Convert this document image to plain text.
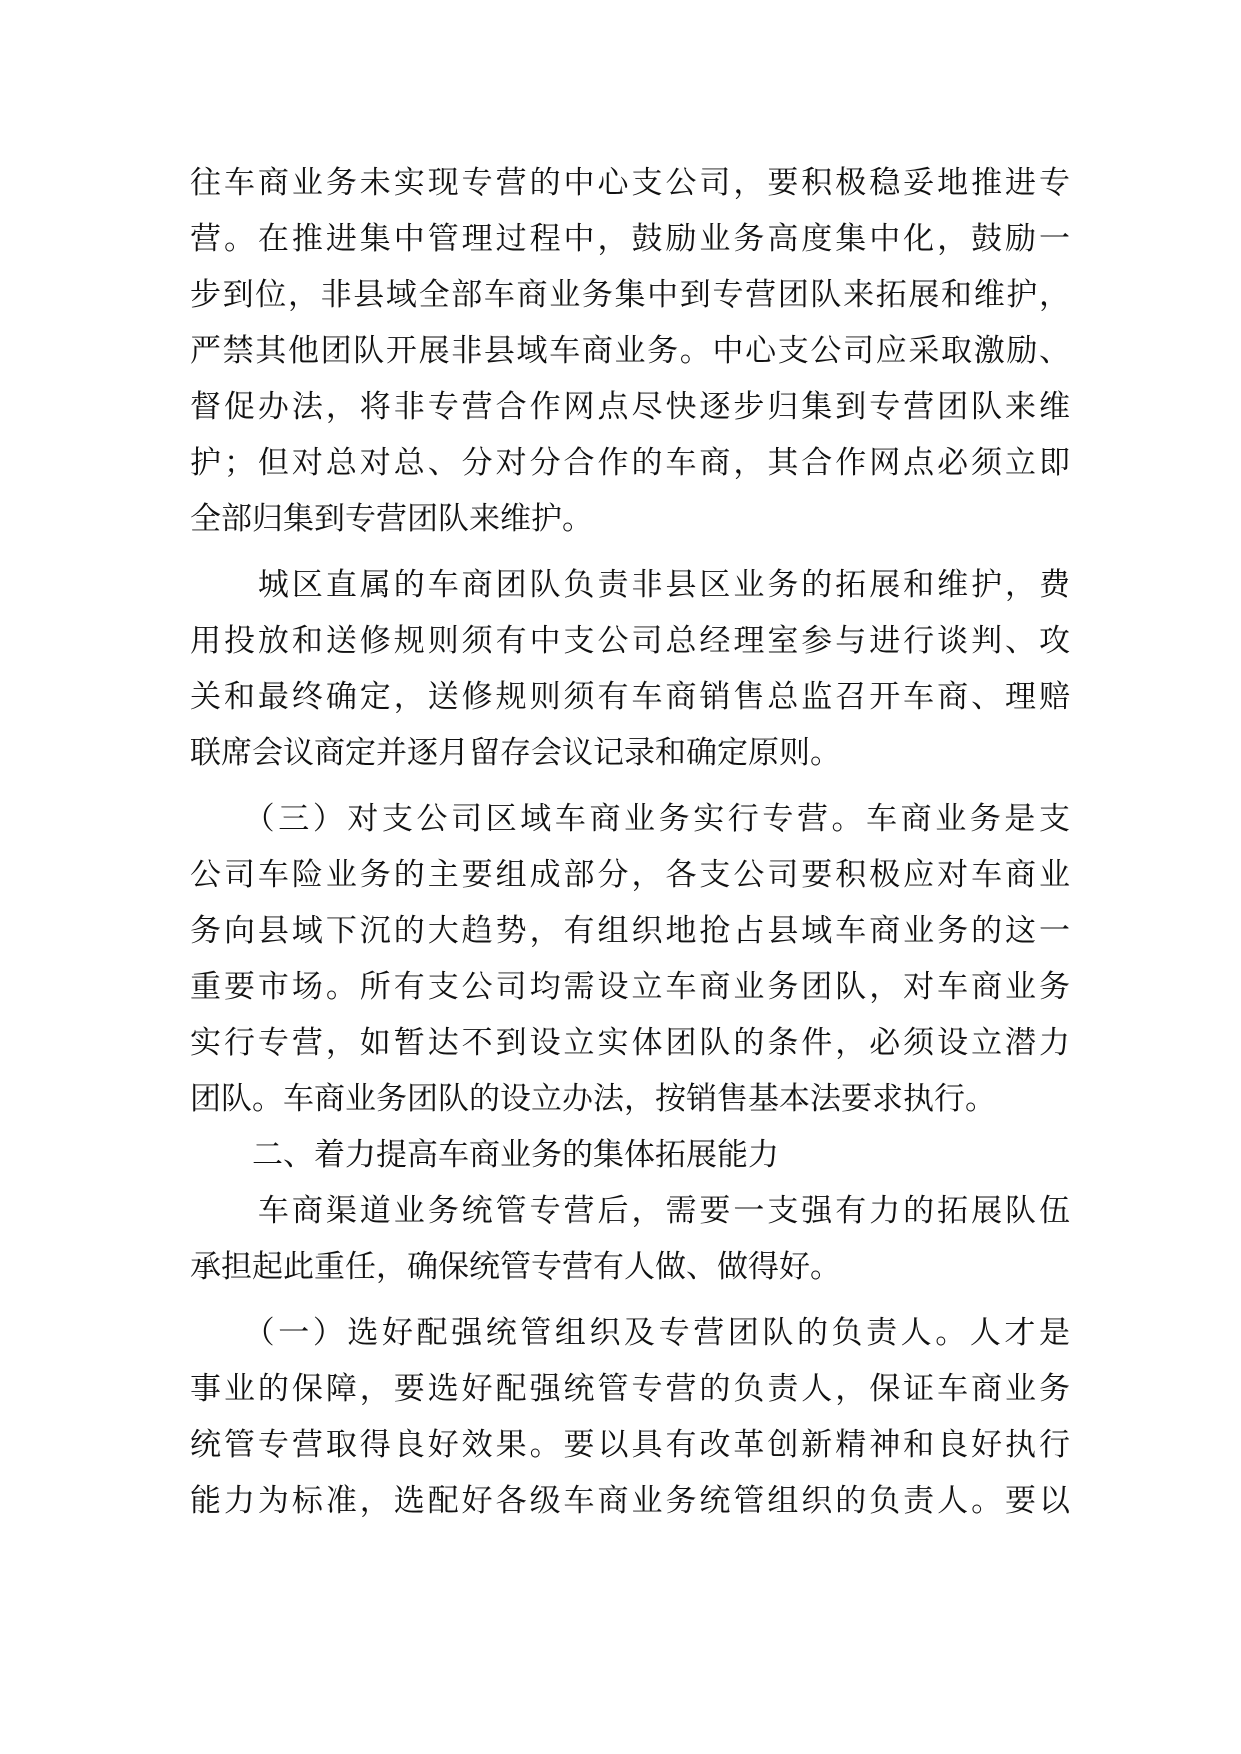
往车商业务未实现专营的中心支公司，要积极稳妥地推进专
营。在推进集中管理过程中，鼓励业务高度集中化，鼓励一
步到位，非县域全部车商业务集中到专营团队来拓展和维护，
严禁其他团队开展非县域车商业务。中心支公司应采取激励、
督促办法，将非专营合作网点尽快逐步归集到专营团队来维
护；但对总对总、分对分合作的车商，其合作网点必须立即
全部归集到专营团队来维护。
　　城区直属的车商团队负责非县区业务的拓展和维护，费
用投放和送修规则须有中支公司总经理室参与进行谈判、攻
关和最终确定，送修规则须有车商销售总监召开车商、理赔
联席会议商定并逐月留存会议记录和确定原则。
　　（三）对支公司区域车商业务实行专营。车商业务是支
公司车险业务的主要组成部分，各支公司要积极应对车商业
务向县域下沉的大趋势，有组织地抢占县域车商业务的这一
重要市场。所有支公司均需设立车商业务团队，对车商业务
实行专营，如暂达不到设立实体团队的条件，必须设立潜力
团队。车商业务团队的设立办法，按销售基本法要求执行。
　　二、着力提高车商业务的集体拓展能力
　　车商渠道业务统管专营后，需要一支强有力的拓展队伍
承担起此重任，确保统管专营有人做、做得好。
　　（一）选好配强统管组织及专营团队的负责人。人才是
事业的保障，要选好配强统管专营的负责人，保证车商业务
统管专营取得良好效果。要以具有改革创新精神和良好执行
能力为标准，选配好各级车商业务统管组织的负责人。要以
